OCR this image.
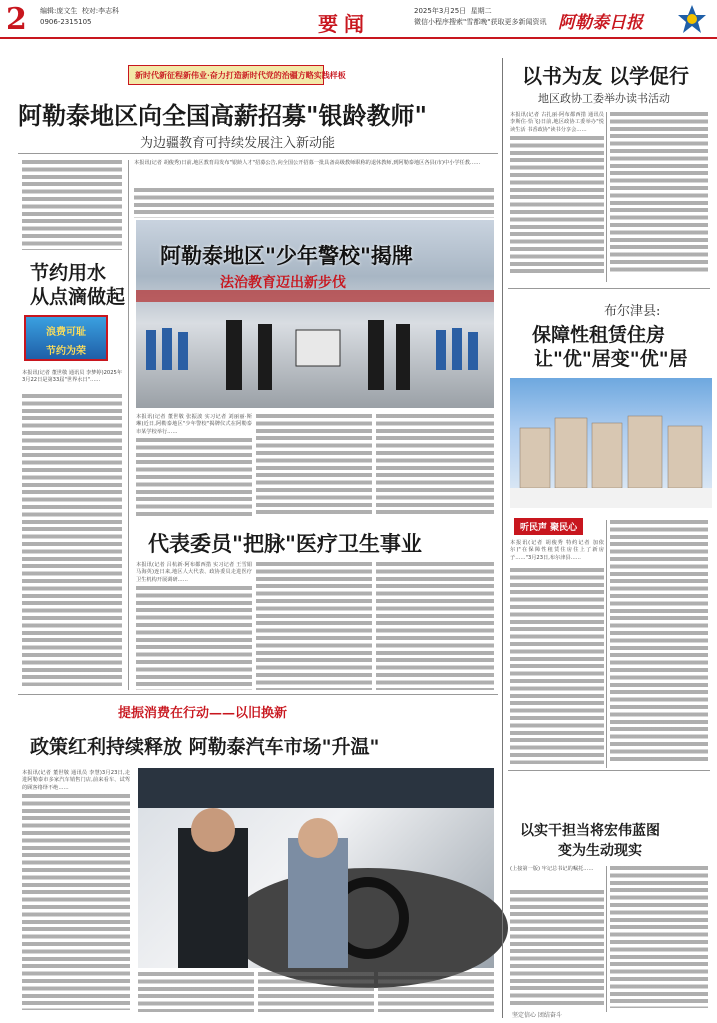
2 编辑:庞文生 校对:李志科
0906-2315105	要闻
2025年3月25日 星期二
微信小程序搜索"雪都晚"获取更多新闻资讯 阿勒泰日报
新时代新征程新伟业·奋力打造新时代党的治疆方略实践样板
阿勒泰地区向全国高薪招募"银龄教师"
为边疆教育可持续发展注入新动能
本报讯(记者 胡俊秀)日前,地区教育局发布"银龄人才"招募公告,向全国公开招募一批具备高级教师职称的退休教师,到阿勒泰地区各县(市)中小学任教……
节约用水
从点滴做起
浪费可耻
节约为荣
本报讯(记者 董世敬 通讯员 李梦婷)2025年3月22日是第33届"世界水日"……
阿勒泰地区"少年警校"揭牌
法治教育迈出新步伐
本报讯(记者 董世敬 张振波 实习记者 刘丽丽·斯琳)近日,阿勒泰地区"少年警校"揭牌仪式在阿勒泰市某学校举行……
代表委员"把脉"医疗卫生事业
本报讯(记者 吕杭新·阿布都西措 实习记者 王雪娟 马海英)连日来,地区人大代表、政协委员走进医疗卫生机构开展调研……
提振消费在行动——以旧换新
政策红利持续释放 阿勒泰汽车市场"升温"
本报讯(记者 董世敬 通讯员 李慧)3月23日,走进阿勒泰市多家汽车销售门店,前来看车、试驾的顾客络绎不绝……
以书为友 以学促行
地区政协工委举办读书活动
本报讯(记者 古扎丽·阿布都西措 通讯员 李斯住·恰飞)日前,地区政协工委举办"悦读生活 书香政协"读书分享会……
布尔津县:
保障性租赁住房
让"优"居变"优"居
听民声 聚民心
本报讯(记者 胡俊秀 特约记者 加依尔)"在保障性租赁住房住上了新房子……"3月23日,布尔津县……
以实干担当将宏伟蓝图
变为生动现实
(上接第一版) 牢记总书记的嘱托……
坚定信心 团结奋斗
